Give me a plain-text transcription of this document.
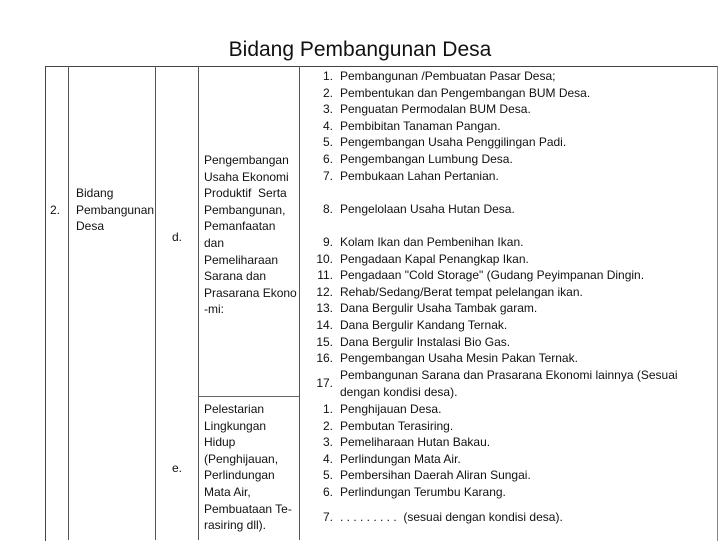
Bidang Pembangunan Desa
2.
Bidang
Pembangunan
Desa
d.
Pengembangan
Usaha Ekonomi
Produktif  Serta
Pembangunan,
Pemanfaatan
dan
Pemeliharaan
Sarana dan
Prasarana Ekono
-mi:
1. Pembangunan /Pembuatan Pasar Desa;
2. Pembentukan dan Pengembangan BUM Desa.
3. Penguatan Permodalan BUM Desa.
4. Pembibitan Tanaman Pangan.
5. Pengembangan Usaha Penggilingan Padi.
6. Pengembangan Lumbung Desa.
7. Pembukaan Lahan Pertanian.
8. Pengelolaan Usaha Hutan Desa.
9. Kolam Ikan dan Pembenihan Ikan.
10. Pengadaan Kapal Penangkap Ikan.
11. Pengadaan "Cold Storage" (Gudang Peyimpanan Dingin.
12. Rehab/Sedang/Berat tempat pelelangan ikan.
13. Dana Bergulir Usaha Tambak garam.
14. Dana Bergulir Kandang Ternak.
15. Dana Bergulir Instalasi Bio Gas.
16. Pengembangan Usaha Mesin Pakan Ternak.
17.
Pembangunan Sarana dan Prasarana Ekonomi lainnya (Sesuai
dengan kondisi desa).
e.
Pelestarian
Lingkungan
Hidup
(Penghijauan,
Perlindungan
Mata Air,
Pembuataan Te-
rasiring dll).
1. Penghijauan Desa.
2. Pembutan Terasiring.
3. Pemeliharaan Hutan Bakau.
4. Perlindungan Mata Air.
5. Pembersihan Daerah Aliran Sungai.
6. Perlindungan Terumbu Karang.
7. . . . . . . . . .  (sesuai dengan kondisi desa).
